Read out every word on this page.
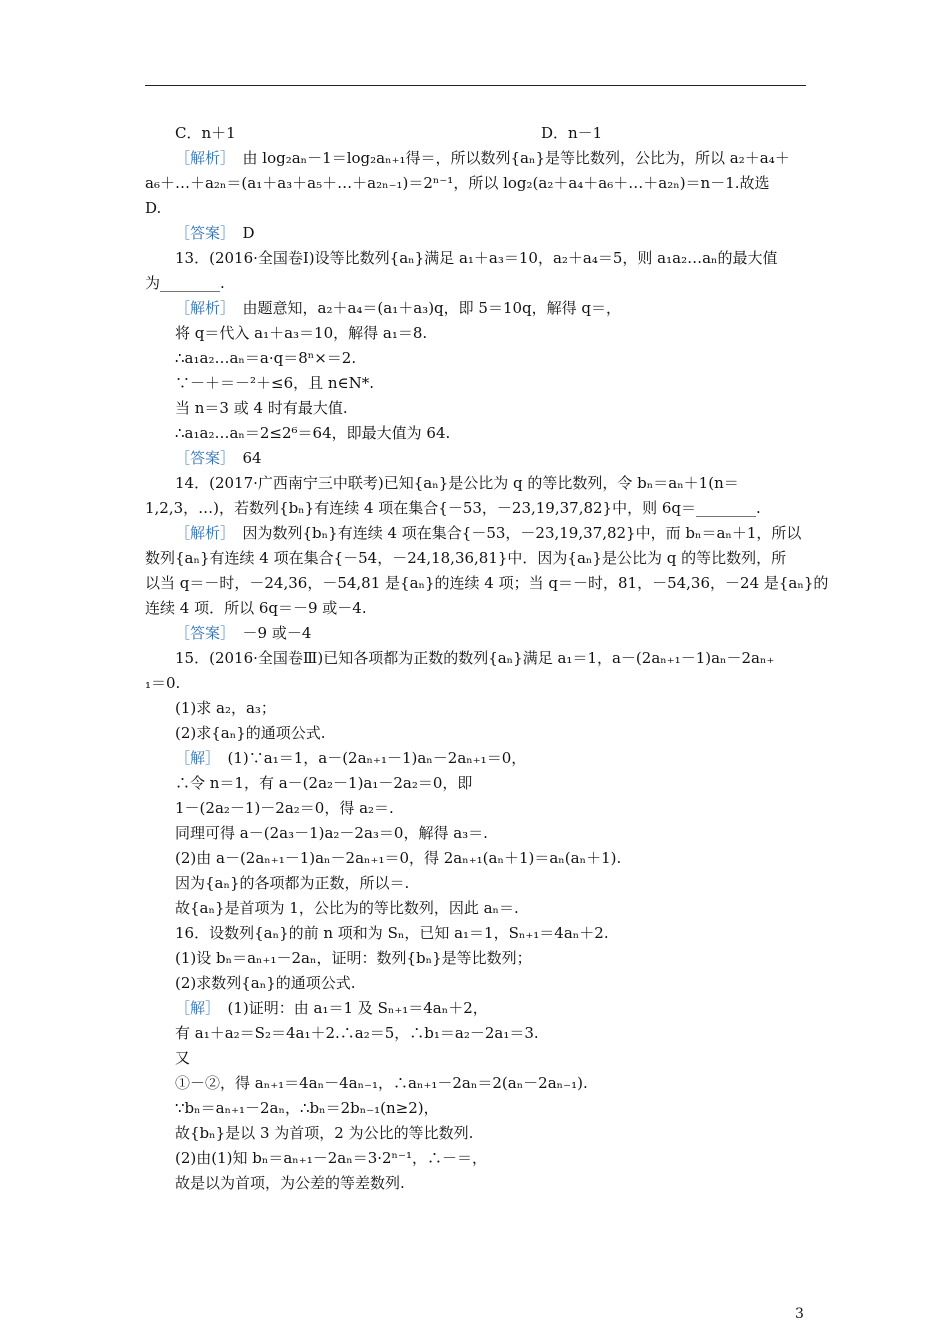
C．n＋1	D．n－1
［解析］　由 log₂aₙ－1＝log₂aₙ₊₁得＝，所以数列{aₙ}是等比数列，公比为，所以 a₂＋a₄＋
a₆＋…＋a₂ₙ＝(a₁＋a₃＋a₅＋…＋a₂ₙ₋₁)＝2ⁿ⁻¹，所以 log₂(a₂＋a₄＋a₆＋…＋a₂ₙ)＝n－1.故选
D.
［答案］　D
13．(2016·全国卷Ⅰ)设等比数列{aₙ}满足 a₁＋a₃＝10，a₂＋a₄＝5，则 a₁a₂…aₙ的最大值
为________.
［解析］　由题意知，a₂＋a₄＝(a₁＋a₃)q，即 5＝10q，解得 q＝，
将 q＝代入 a₁＋a₃＝10，解得 a₁＝8.
∴a₁a₂…aₙ＝a·q＝8ⁿ×＝2.
∵－＋＝－²＋≤6，且 n∈N*.
当 n＝3 或 4 时有最大值.
∴a₁a₂…aₙ＝2≤2⁶＝64，即最大值为 64.
［答案］　64
14．(2017·广西南宁三中联考)已知{aₙ}是公比为 q 的等比数列，令 bₙ＝aₙ＋1(n＝
1,2,3，…)，若数列{bₙ}有连续 4 项在集合{－53，－23,19,37,82}中，则 6q＝________.
［解析］　因为数列{bₙ}有连续 4 项在集合{－53，－23,19,37,82}中，而 bₙ＝aₙ＋1，所以
数列{aₙ}有连续 4 项在集合{－54，－24,18,36,81}中．因为{aₙ}是公比为 q 的等比数列，所
以当 q＝－时，－24,36，－54,81 是{aₙ}的连续 4 项；当 q＝－时，81，－54,36，－24 是{aₙ}的
连续 4 项．所以 6q＝－9 或－4.
［答案］　－9 或－4
15．(2016·全国卷Ⅲ)已知各项都为正数的数列{aₙ}满足 a₁＝1，a－(2aₙ₊₁－1)aₙ－2aₙ₊
₁＝0.
(1)求 a₂，a₃；
(2)求{aₙ}的通项公式.
［解］　(1)∵a₁＝1，a－(2aₙ₊₁－1)aₙ－2aₙ₊₁＝0，
∴令 n＝1，有 a－(2a₂－1)a₁－2a₂＝0，即
1－(2a₂－1)－2a₂＝0，得 a₂＝.
同理可得 a－(2a₃－1)a₂－2a₃＝0，解得 a₃＝.
(2)由 a－(2aₙ₊₁－1)aₙ－2aₙ₊₁＝0，得 2aₙ₊₁(aₙ＋1)＝aₙ(aₙ＋1).
因为{aₙ}的各项都为正数，所以＝.
故{aₙ}是首项为 1，公比为的等比数列，因此 aₙ＝.
16．设数列{aₙ}的前 n 项和为 Sₙ，已知 a₁＝1，Sₙ₊₁＝4aₙ＋2.
(1)设 bₙ＝aₙ₊₁－2aₙ，证明：数列{bₙ}是等比数列；
(2)求数列{aₙ}的通项公式.
［解］　(1)证明：由 a₁＝1 及 Sₙ₊₁＝4aₙ＋2，
有 a₁＋a₂＝S₂＝4a₁＋2.∴a₂＝5，∴b₁＝a₂－2a₁＝3.
又
①－②，得 aₙ₊₁＝4aₙ－4aₙ₋₁，∴aₙ₊₁－2aₙ＝2(aₙ－2aₙ₋₁).
∵bₙ＝aₙ₊₁－2aₙ，∴bₙ＝2bₙ₋₁(n≥2)，
故{bₙ}是以 3 为首项，2 为公比的等比数列.
(2)由(1)知 bₙ＝aₙ₊₁－2aₙ＝3·2ⁿ⁻¹，∴－＝，
故是以为首项，为公差的等差数列.
3
